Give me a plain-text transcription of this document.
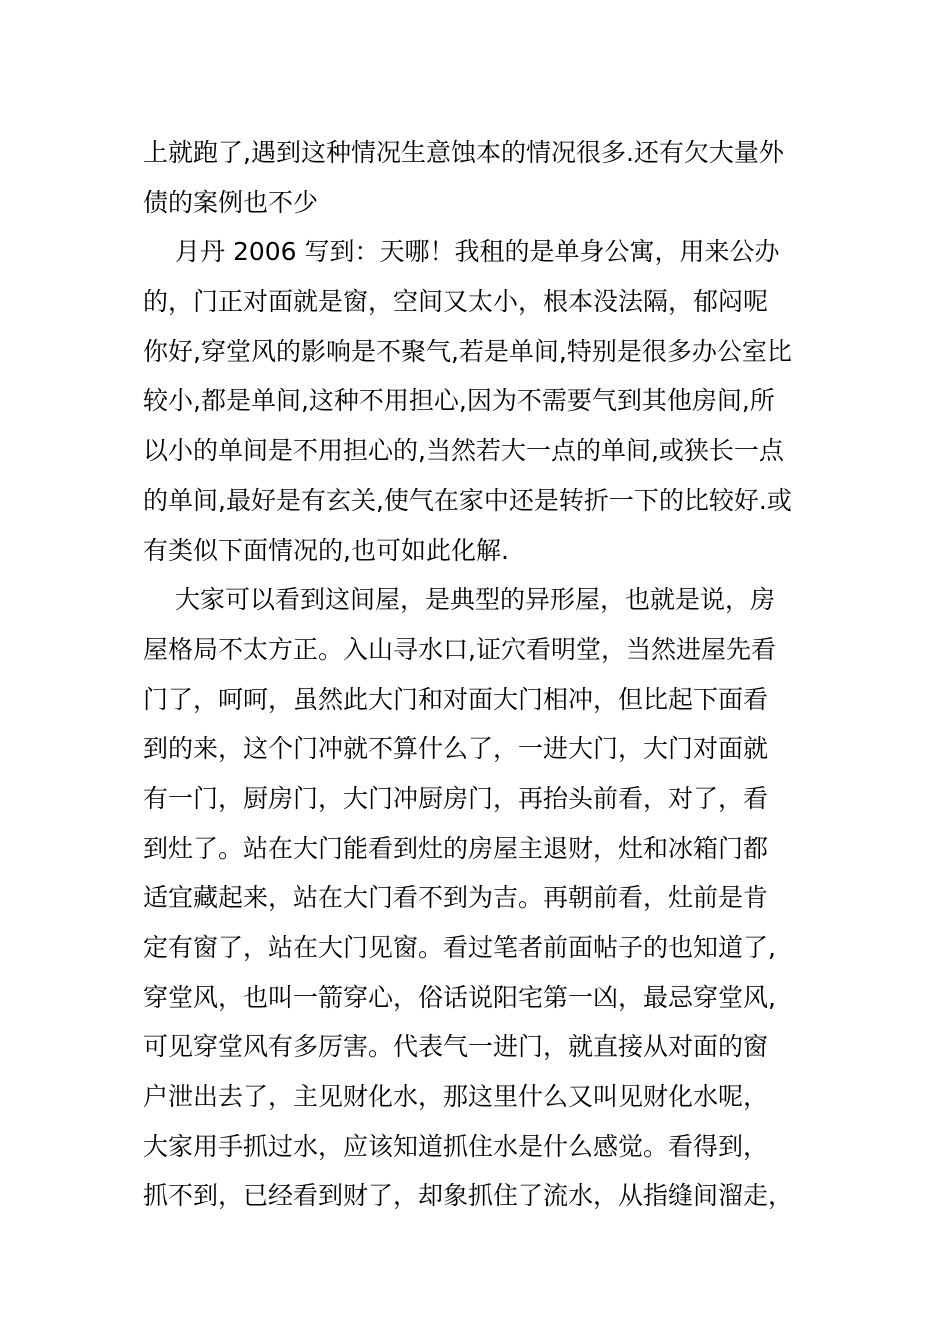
上就跑了,遇到这种情况生意蚀本的情况很多.还有欠大量外
债的案例也不少
月丹 2006 写到：天哪！我租的是单身公寓，用来公办
的，门正对面就是窗，空间又太小，根本没法隔，郁闷呢
你好,穿堂风的影响是不聚气,若是单间,特别是很多办公室比
较小,都是单间,这种不用担心,因为不需要气到其他房间,所
以小的单间是不用担心的,当然若大一点的单间,或狭长一点
的单间,最好是有玄关,使气在家中还是转折一下的比较好.或
有类似下面情况的,也可如此化解.
大家可以看到这间屋，是典型的异形屋，也就是说，房
屋格局不太方正。入山寻水口,证穴看明堂，当然进屋先看
门了，呵呵，虽然此大门和对面大门相冲，但比起下面看
到的来，这个门冲就不算什么了，一进大门，大门对面就
有一门，厨房门，大门冲厨房门，再抬头前看，对了，看
到灶了。站在大门能看到灶的房屋主退财，灶和冰箱门都
适宜藏起来，站在大门看不到为吉。再朝前看，灶前是肯
定有窗了，站在大门见窗。看过笔者前面帖子的也知道了,
穿堂风，也叫一箭穿心，俗话说阳宅第一凶，最忌穿堂风,
可见穿堂风有多厉害。代表气一进门，就直接从对面的窗
户泄出去了，主见财化水，那这里什么又叫见财化水呢，
大家用手抓过水，应该知道抓住水是什么感觉。看得到，
抓不到，已经看到财了，却象抓住了流水，从指缝间溜走，
